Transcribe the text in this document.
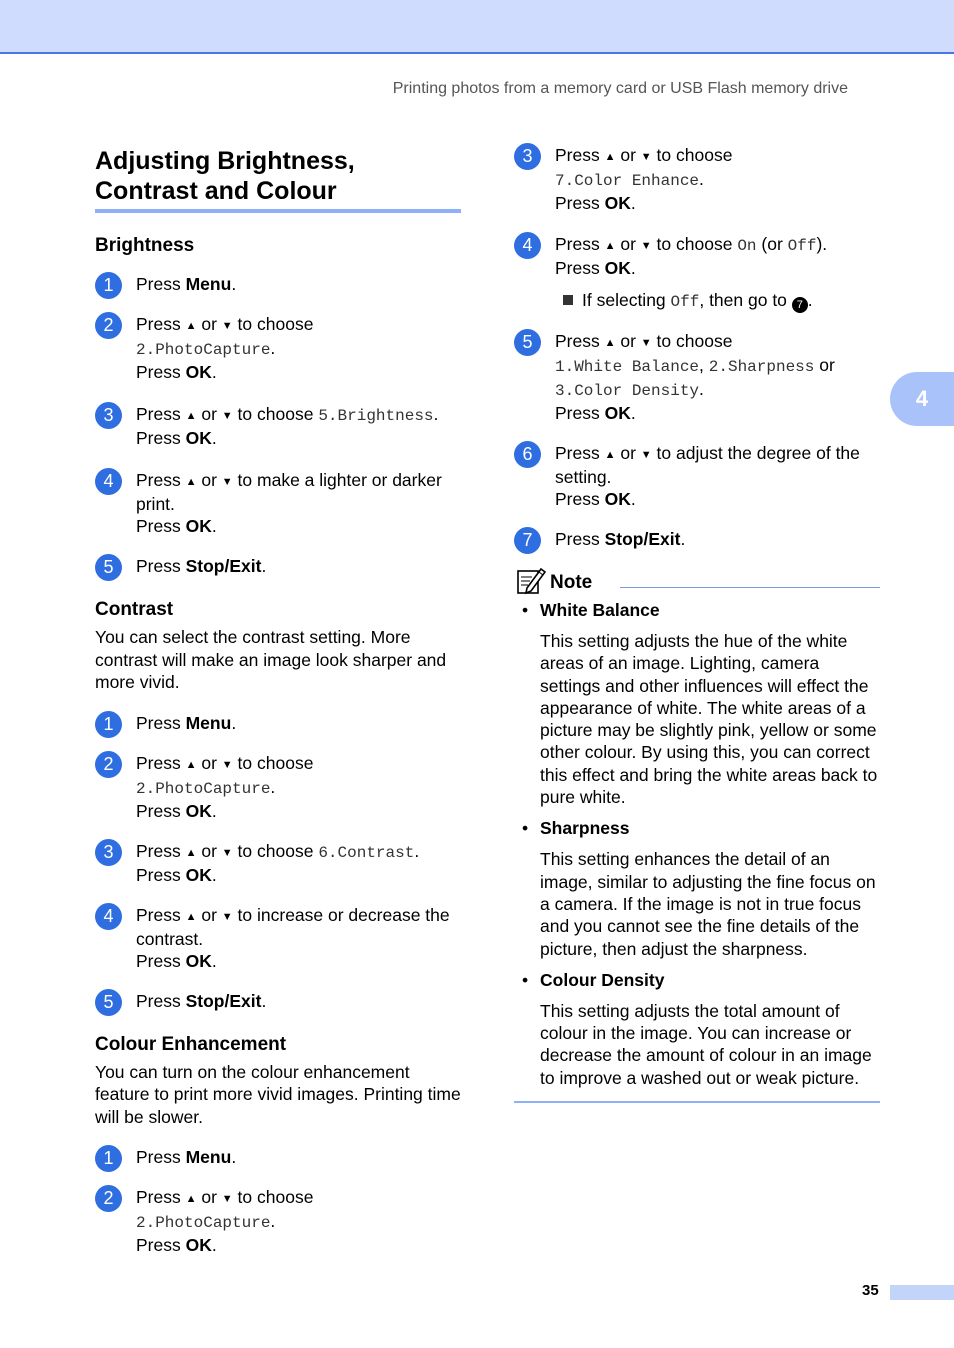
Printing photos from a memory card or USB Flash memory drive
4
Adjusting Brightness,
Contrast and Colour
Brightness
1	Press Menu.
2	Press ▲ or ▼ to choose
2.PhotoCapture.
Press OK.
3	Press ▲ or ▼ to choose 5.Brightness.
Press OK.
4	Press ▲ or ▼ to make a lighter or darker print.
Press OK.
5	Press Stop/Exit.
Contrast

You can select the contrast setting. More contrast will make an image look sharper and more vivid.

1	Press Menu.
2	Press ▲ or ▼ to choose
2.PhotoCapture.
Press OK.
3	Press ▲ or ▼ to choose 6.Contrast.
Press OK.
4	Press ▲ or ▼ to increase or decrease the contrast.
Press OK.
5	Press Stop/Exit.
Colour Enhancement

You can turn on the colour enhancement feature to print more vivid images. Printing time will be slower.

1	Press Menu.
2	Press ▲ or ▼ to choose
2.PhotoCapture.
Press OK.
3	Press ▲ or ▼ to choose
7.Color Enhance.
Press OK.
4	Press ▲ or ▼ to choose On (or Off).
Press OK.
If selecting Off, then go to 7 .
5	Press ▲ or ▼ to choose
1.White Balance, 2.Sharpness or
3.Color Density.
Press OK.
6	Press ▲ or ▼ to adjust the degree of the setting.
Press OK.
7	Press Stop/Exit.
Note
• White Balance
This setting adjusts the hue of the white areas of an image. Lighting, camera settings and other influences will effect the appearance of white. The white areas of a picture may be slightly pink, yellow or some other colour. By using this, you can correct this effect and bring the white areas back to pure white.
• Sharpness
This setting enhances the detail of an image, similar to adjusting the fine focus on a camera. If the image is not in true focus and you cannot see the fine details of the picture, then adjust the sharpness.
• Colour Density
This setting adjusts the total amount of colour in the image. You can increase or decrease the amount of colour in an image to improve a washed out or weak picture.
35
